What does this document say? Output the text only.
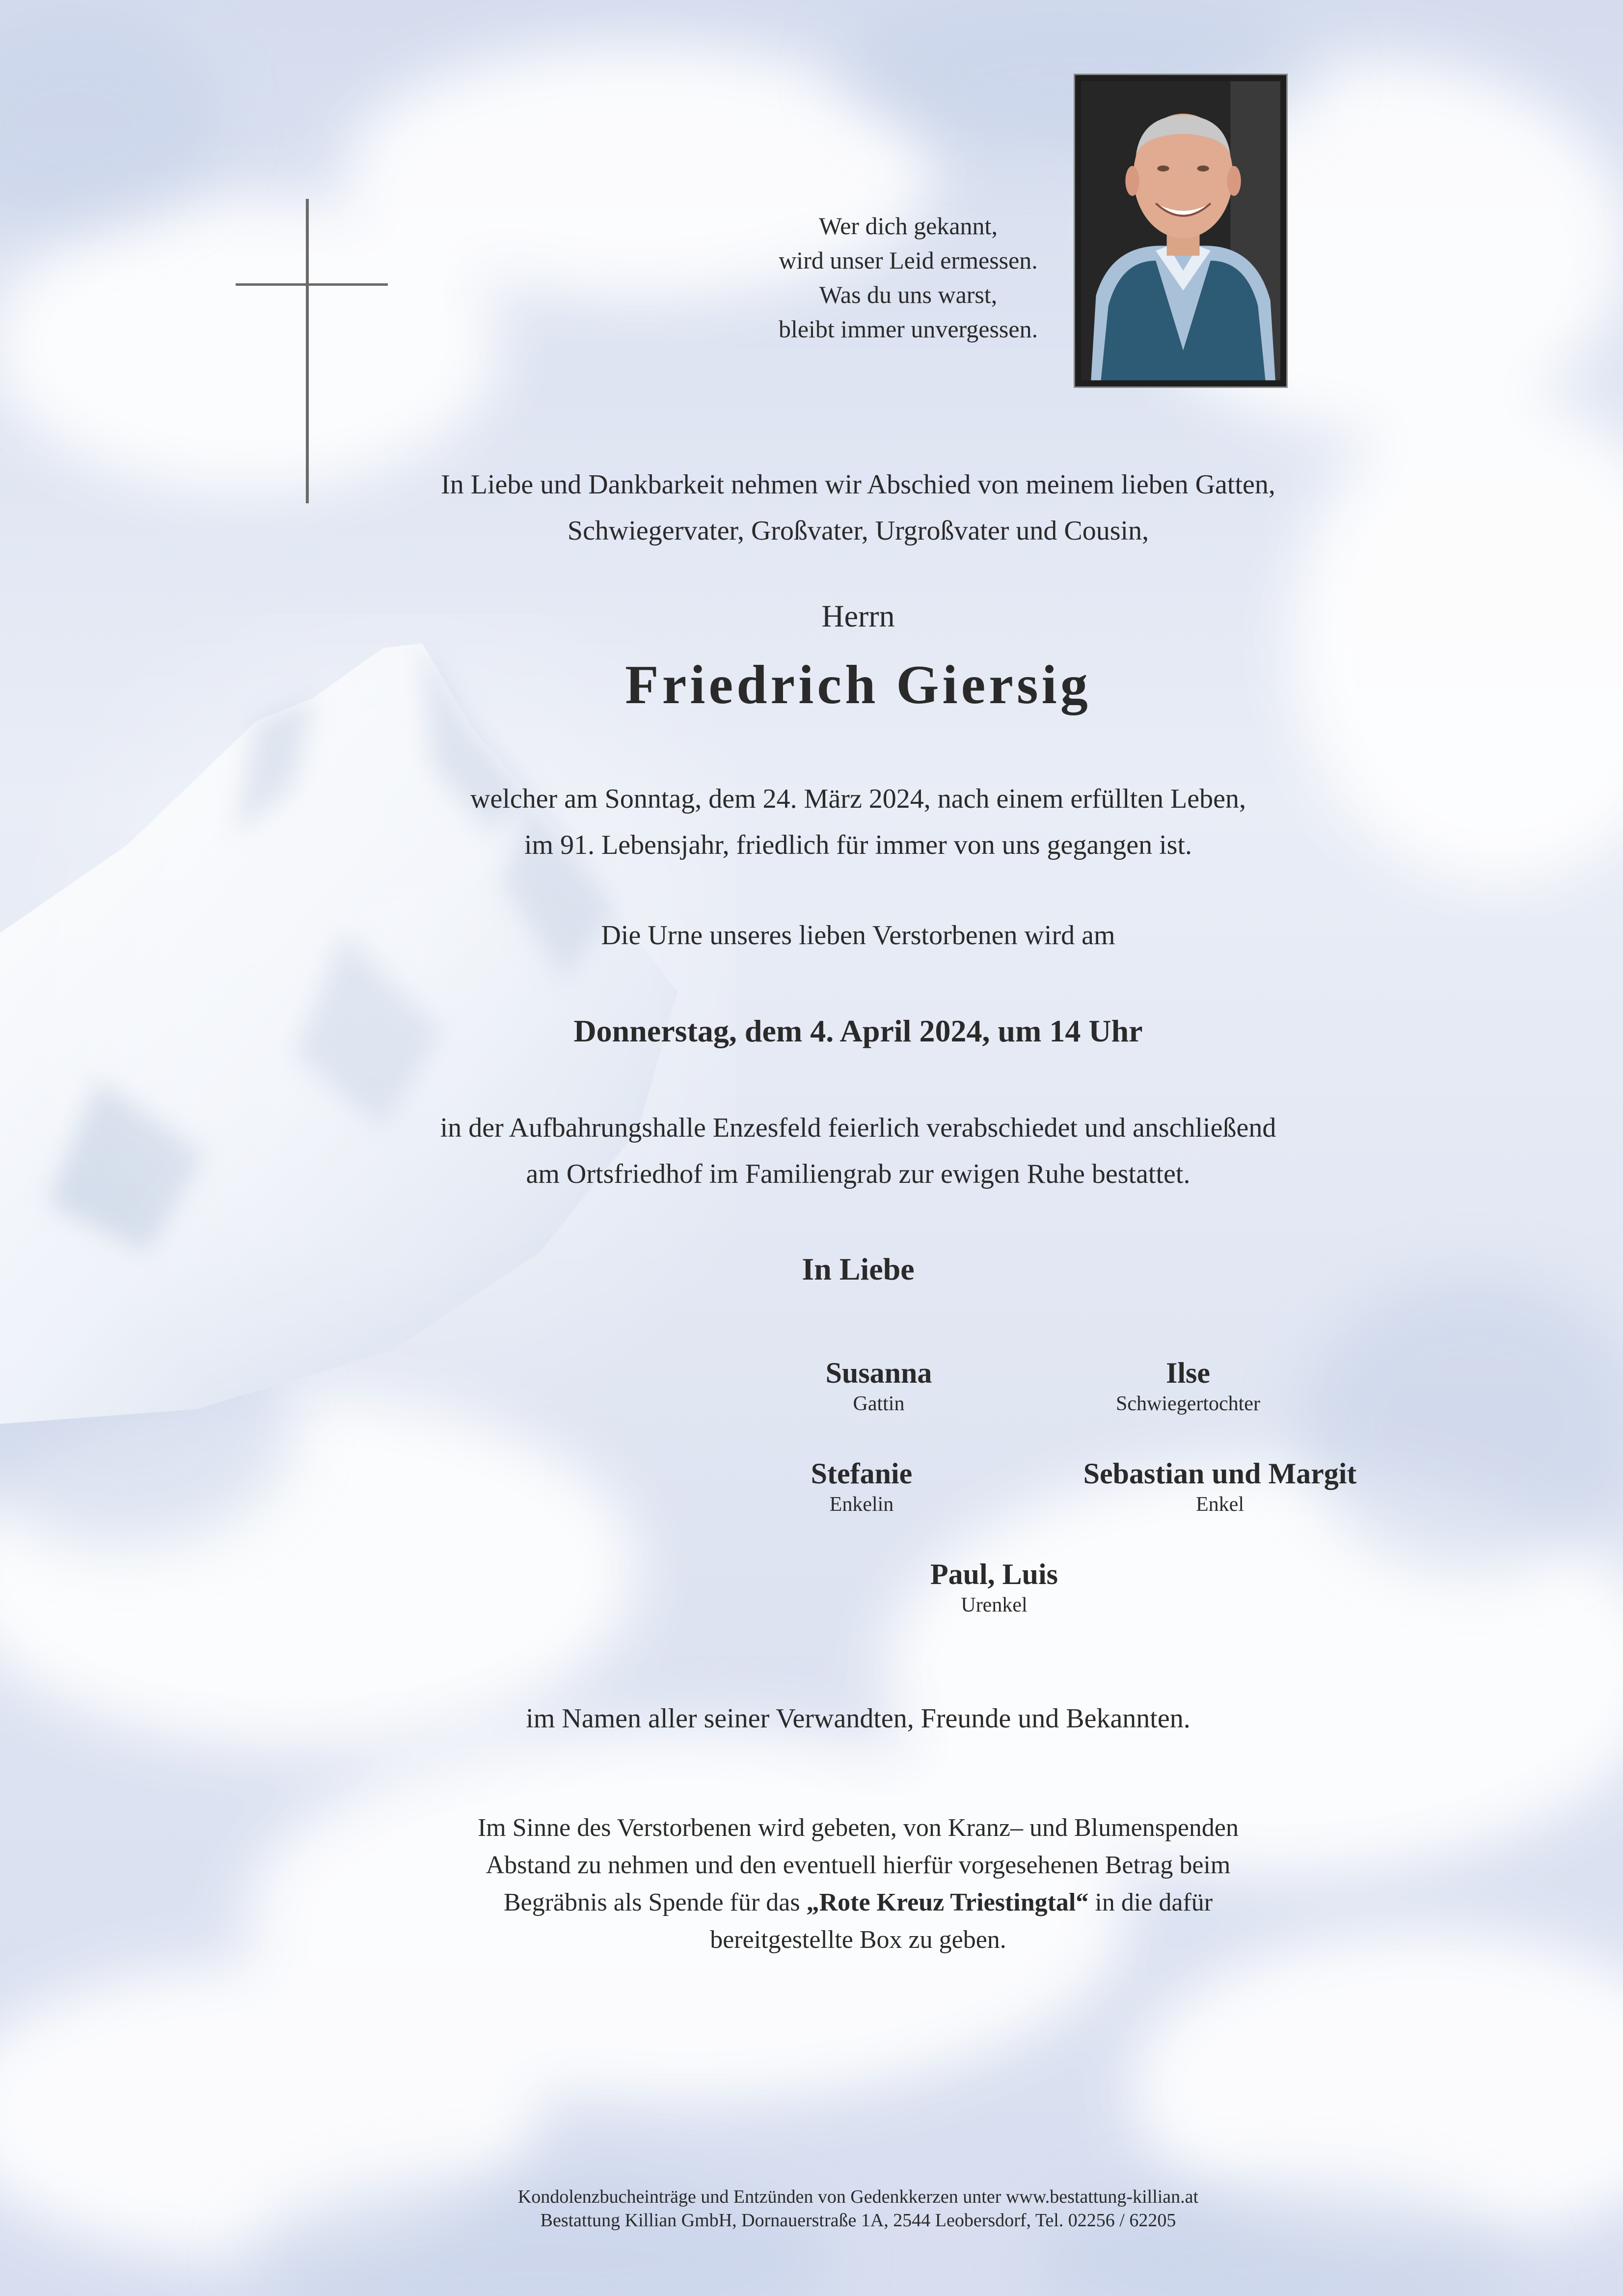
Wer dich gekannt,
wird unser Leid ermessen.
Was du uns warst,
bleibt immer unvergessen.
In Liebe und Dankbarkeit nehmen wir Abschied von meinem lieben Gatten,
Schwiegervater, Großvater, Urgroßvater und Cousin,
Herrn
Friedrich Giersig
welcher am Sonntag, dem 24. März 2024, nach einem erfüllten Leben,
im 91. Lebensjahr, friedlich für immer von uns gegangen ist.
Die Urne unseres lieben Verstorbenen wird am
Donnerstag, dem 4. April 2024, um 14 Uhr
in der Aufbahrungshalle Enzesfeld feierlich verabschiedet und anschließend
am Ortsfriedhof im Familiengrab zur ewigen Ruhe bestattet.
In Liebe
Susanna
Gattin
Ilse
Schwiegertochter
Stefanie
Enkelin
Sebastian und Margit
Enkel
Paul, Luis
Urenkel
im Namen aller seiner Verwandten, Freunde und Bekannten.
Im Sinne des Verstorbenen wird gebeten, von Kranz– und Blumenspenden
Abstand zu nehmen und den eventuell hierfür vorgesehenen Betrag beim
Begräbnis als Spende für das „Rote Kreuz Triestingtal“ in die dafür
bereitgestellte Box zu geben.
Kondolenzbucheinträge und Entzünden von Gedenkkerzen unter www.bestattung-killian.at
Bestattung Killian GmbH, Dornauerstraße 1A, 2544 Leobersdorf, Tel. 02256 / 62205
